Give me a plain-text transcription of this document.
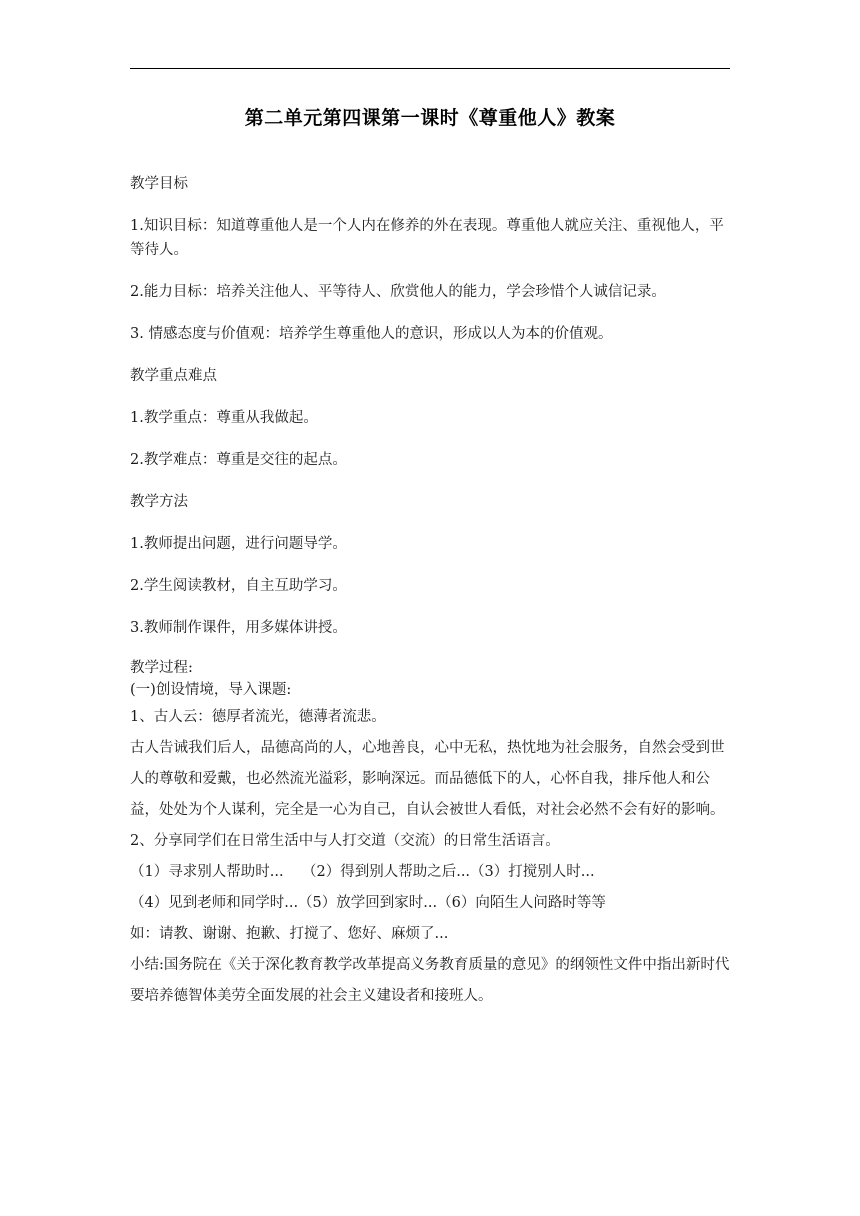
第二单元第四课第一课时《尊重他人》教案

教学目标

1.知识目标：知道尊重他人是一个人内在修养的外在表现。尊重他人就应关注、重视他人，平等待人。

2.能力目标：培养关注他人、平等待人、欣赏他人的能力，学会珍惜个人诚信记录。

3. 情感态度与价值观：培养学生尊重他人的意识，形成以人为本的价值观。

教学重点难点

1.教学重点：尊重从我做起。

2.教学难点：尊重是交往的起点。

教学方法

1.教师提出问题，进行问题导学。

2.学生阅读教材，自主互助学习。

3.教师制作课件，用多媒体讲授。

教学过程:

(一)创设情境，导入课题:

1、古人云：德厚者流光，德薄者流悲。

古人告诫我们后人，品德高尚的人，心地善良，心中无私，热忱地为社会服务，自然会受到世人的尊敬和爱戴，也必然流光溢彩，影响深远。而品德低下的人，心怀自我，排斥他人和公益，处处为个人谋利，完全是一心为自己，自认会被世人看低，对社会必然不会有好的影响。

2、分享同学们在日常生活中与人打交道（交流）的日常生活语言。

（1）寻求别人帮助时...    （2）得到别人帮助之后...（3）打搅别人时...

（4）见到老师和同学时...（5）放学回到家时...（6）向陌生人问路时等等

如：请教、谢谢、抱歉、打搅了、您好、麻烦了...

小结:国务院在《关于深化教育教学改革提高义务教育质量的意见》的纲领性文件中指出新时代要培养德智体美劳全面发展的社会主义建设者和接班人。
